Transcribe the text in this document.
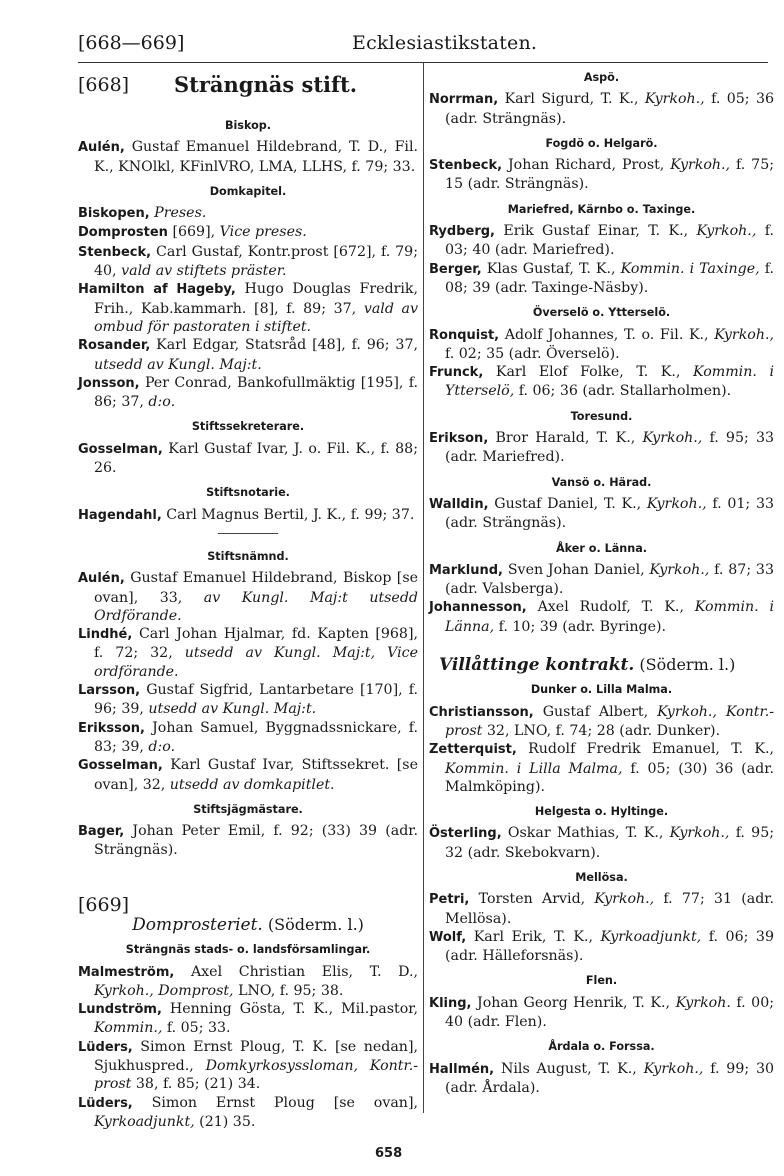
[668—669]	Ecklesiastikstaten.
[668] Strängnäs stift.
Biskop.

Aulén, Gustaf Emanuel Hildebrand, T. D., Fil. K., KNOlkl, KFinlVRO, LMA, LLHS, f. 79; 33.

Domkapitel.

Biskopen, Preses.

Domprosten [669], Vice preses.

Stenbeck, Carl Gustaf, Kontr.prost [672], f. 79; 40, vald av stiftets präster.

Hamilton af Hageby, Hugo Douglas Fredrik, Frih., Kab.kammarh. [8], f. 89; 37, vald av ombud för pastoraten i stiftet.

Rosander, Karl Edgar, Statsråd [48], f. 96; 37, utsedd av Kungl. Maj:t.

Jonsson, Per Conrad, Bankofullmäktig [195], f. 86; 37, d:o.

Stiftssekreterare.

Gosselman, Karl Gustaf Ivar, J. o. Fil. K., f. 88; 26.

Stiftsnotarie.

Hagendahl, Carl Magnus Bertil, J. K., f. 99; 37.

Stiftsnämnd.

Aulén, Gustaf Emanuel Hildebrand, Biskop [se ovan], 33, av Kungl. Maj:t utsedd Ordförande.

Lindhé, Carl Johan Hjalmar, fd. Kapten [968], f. 72; 32, utsedd av Kungl. Maj:t, Vice ordförande.

Larsson, Gustaf Sigfrid, Lantarbetare [170], f. 96; 39, utsedd av Kungl. Maj:t.

Eriksson, Johan Samuel, Byggnadssnickare, f. 83; 39, d:o.

Gosselman, Karl Gustaf Ivar, Stiftssekret. [se ovan], 32, utsedd av domkapitlet.

Stiftsjägmästare.

Bager, Johan Peter Emil, f. 92; (33) 39 (adr. Strängnäs).

[669]
Domprosteriet. (Söderm. l.)
Strängnäs stads- o. landsförsamlingar.

Malmeström, Axel Christian Elis, T. D., Kyrkoh., Domprost, LNO, f. 95; 38.

Lundström, Henning Gösta, T. K., Mil.pastor, Kommin., f. 05; 33.

Lüders, Simon Ernst Ploug, T. K. [se nedan], Sjukhuspred., Domkyrkosyssloman, Kontr.-prost 38, f. 85; (21) 34.

Lüders, Simon Ernst Ploug [se ovan], Kyrkoadjunkt, (21) 35.

Aspö.

Norrman, Karl Sigurd, T. K., Kyrkoh., f. 05; 36 (adr. Strängnäs).

Fogdö o. Helgarö.

Stenbeck, Johan Richard, Prost, Kyrkoh., f. 75; 15 (adr. Strängnäs).

Mariefred, Kärnbo o. Taxinge.

Rydberg, Erik Gustaf Einar, T. K., Kyrkoh., f. 03; 40 (adr. Mariefred).

Berger, Klas Gustaf, T. K., Kommin. i Taxinge, f. 08; 39 (adr. Taxinge-Näsby).

Överselö o. Ytterselö.

Ronquist, Adolf Johannes, T. o. Fil. K., Kyrkoh., f. 02; 35 (adr. Överselö).

Frunck, Karl Elof Folke, T. K., Kommin. i Ytterselö, f. 06; 36 (adr. Stallarholmen).

Toresund.

Erikson, Bror Harald, T. K., Kyrkoh., f. 95; 33 (adr. Mariefred).

Vansö o. Härad.

Walldin, Gustaf Daniel, T. K., Kyrkoh., f. 01; 33 (adr. Strängnäs).

Åker o. Länna.

Marklund, Sven Johan Daniel, Kyrkoh., f. 87; 33 (adr. Valsberga).

Johannesson, Axel Rudolf, T. K., Kommin. i Länna, f. 10; 39 (adr. Byringe).

Villåttinge kontrakt. (Söderm. l.)
Dunker o. Lilla Malma.

Christiansson, Gustaf Albert, Kyrkoh., Kontr.-prost 32, LNO, f. 74; 28 (adr. Dunker).

Zetterquist, Rudolf Fredrik Emanuel, T. K., Kommin. i Lilla Malma, f. 05; (30) 36 (adr. Malmköping).

Helgesta o. Hyltinge.

Österling, Oskar Mathias, T. K., Kyrkoh., f. 95; 32 (adr. Skebokvarn).

Mellösa.

Petri, Torsten Arvid, Kyrkoh., f. 77; 31 (adr. Mellösa).

Wolf, Karl Erik, T. K., Kyrkoadjunkt, f. 06; 39 (adr. Hälleforsnäs).

Flen.

Kling, Johan Georg Henrik, T. K., Kyrkoh. f. 00; 40 (adr. Flen).

Årdala o. Forssa.

Hallmén, Nils August, T. K., Kyrkoh., f. 99; 30 (adr. Årdala).

658
